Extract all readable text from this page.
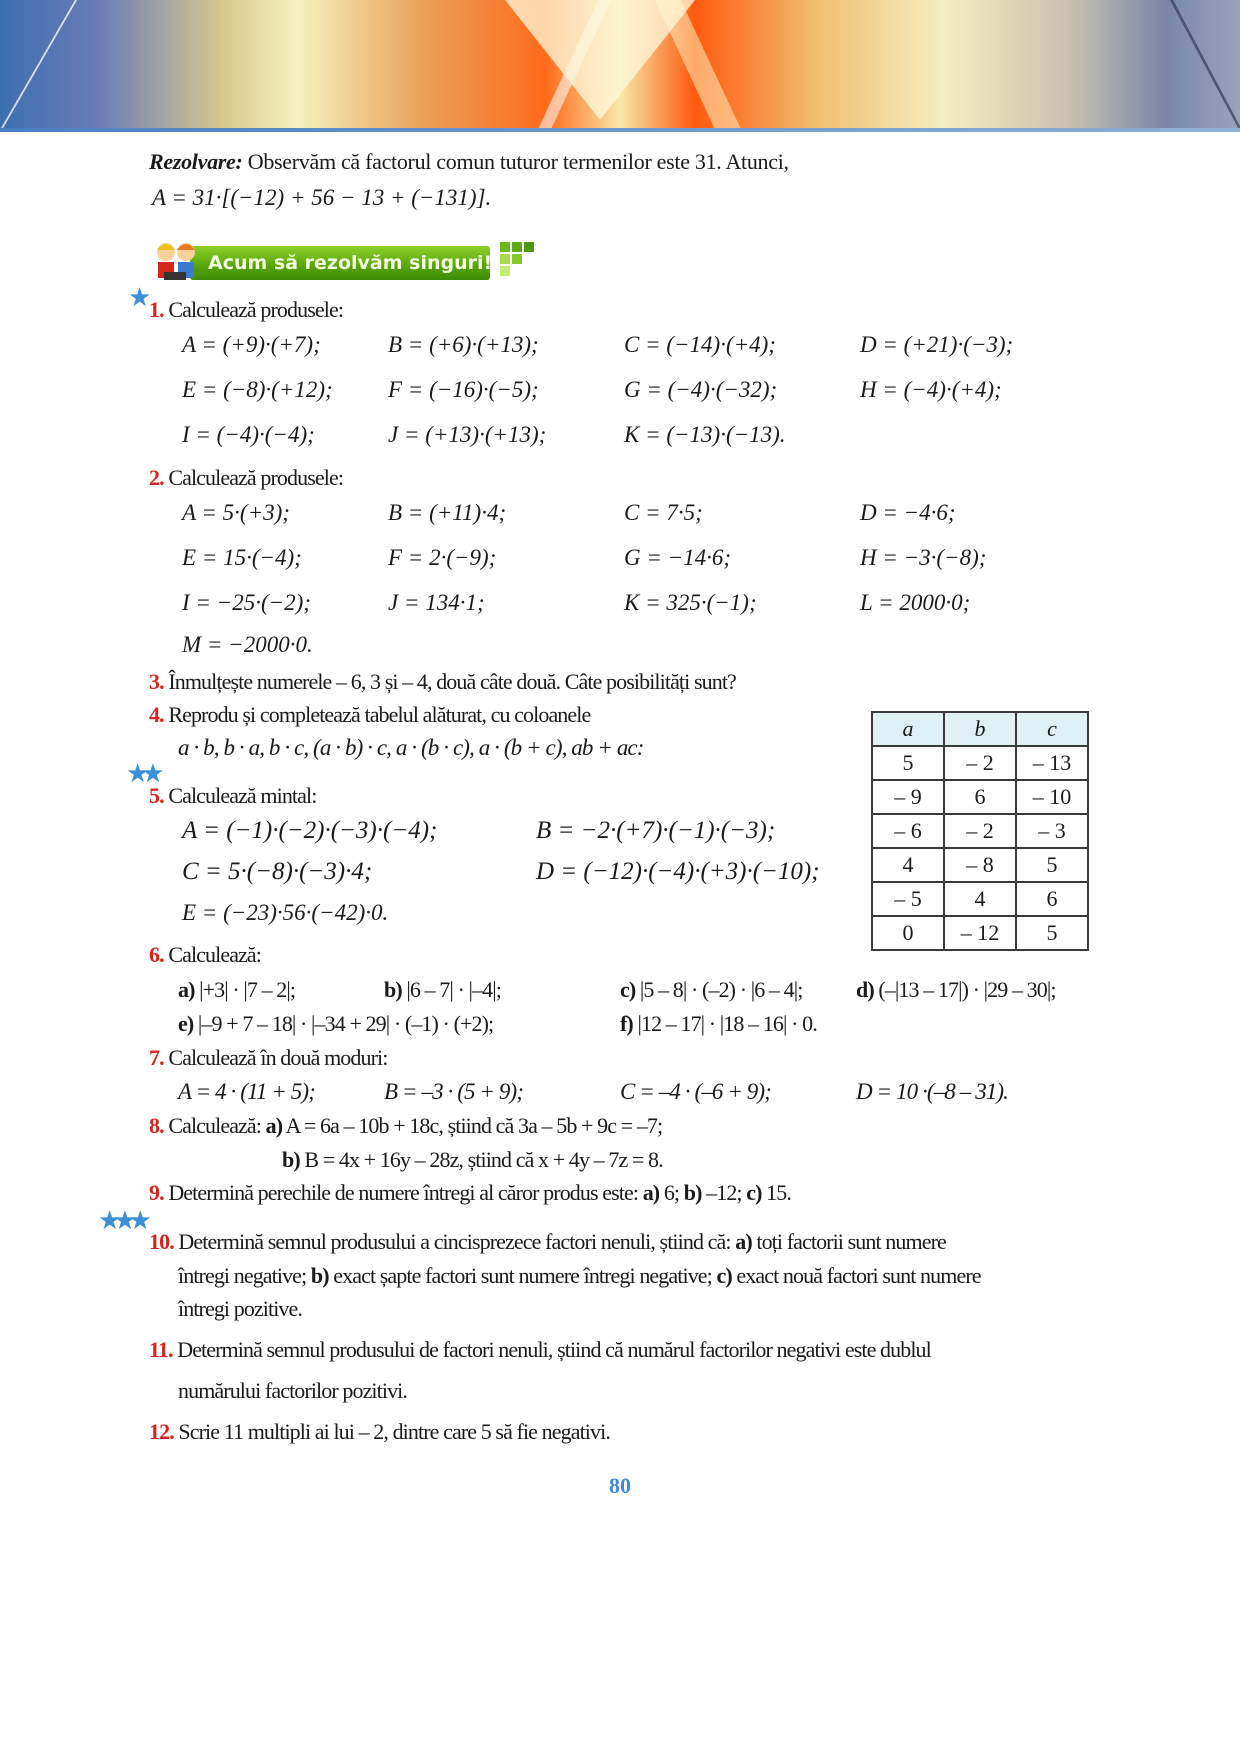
Rezolvare: Observăm că factorul comun tuturor termenilor este 31. Atunci,
A = 31·[(−12) + 56 − 13 + (−131)].
Acum să rezolvăm singuri!
★
1. Calculează produsele:
A = (+9)·(+7);	B = (+6)·(+13);	C = (−14)·(+4);	D = (+21)·(−3);
E = (−8)·(+12); F = (−16)·(−5);	G = (−4)·(−32);	H = (−4)·(+4);
I = (−4)·(−4);	J = (+13)·(+13);	K = (−13)·(−13).
2. Calculează produsele:
A = 5·(+3);	B = (+11)·4;	C = 7·5;	D = −4·6;
E = 15·(−4);	F = 2·(−9);	G = −14·6;	H = −3·(−8);
I = −25·(−2);	J = 134·1;	K = 325·(−1);	L = 2000·0;
M = −2000·0.
3. Înmulțește numerele – 6, 3 și – 4, două câte două. Câte posibilități sunt?
4. Reprodu și completează tabelul alăturat, cu coloanele
a · b, b · a, b · c, (a · b) · c, a · (b · c), a · (b + c), ab + ac:
a	b	c
5	– 2	– 13
– 9	6	– 10
– 6	– 2	– 3
4	– 8	5
– 5	4	6
0	– 12	5
★★
5. Calculează mintal:
A = (−1)·(−2)·(−3)·(−4);	B = −2·(+7)·(−1)·(−3);
C = 5·(−8)·(−3)·4;	D = (−12)·(−4)·(+3)·(−10);
E = (−23)·56·(−42)·0.
6. Calculează:
a) |+3| · |7 – 2|;	b) |6 – 7| · |–4|;	c) |5 – 8| · (–2) · |6 – 4|; d) (–|13 – 17|) · |29 – 30|;
e) |–9 + 7 – 18| · |–34 + 29| · (–1) · (+2);	f) |12 – 17| · |18 – 16| · 0.
7. Calculează în două moduri:
A = 4 · (11 + 5);	B = –3 · (5 + 9);	C = –4 · (–6 + 9);	D = 10 ·(–8 – 31).
8. Calculează: a) A = 6a – 10b + 18c, știind că 3a – 5b + 9c = –7;
b) B = 4x + 16y – 28z, știind că x + 4y – 7z = 8.
9. Determină perechile de numere întregi al căror produs este: a) 6; b) –12; c) 15.
★★★
10. Determină semnul produsului a cincisprezece factori nenuli, știind că: a) toți factorii sunt numere
întregi negative; b) exact șapte factori sunt numere întregi negative; c) exact nouă factori sunt numere
întregi pozitive.
11. Determină semnul produsului de factori nenuli, știind că numărul factorilor negativi este dublul
numărului factorilor pozitivi.
12. Scrie 11 multipli ai lui – 2, dintre care 5 să fie negativi.
80
